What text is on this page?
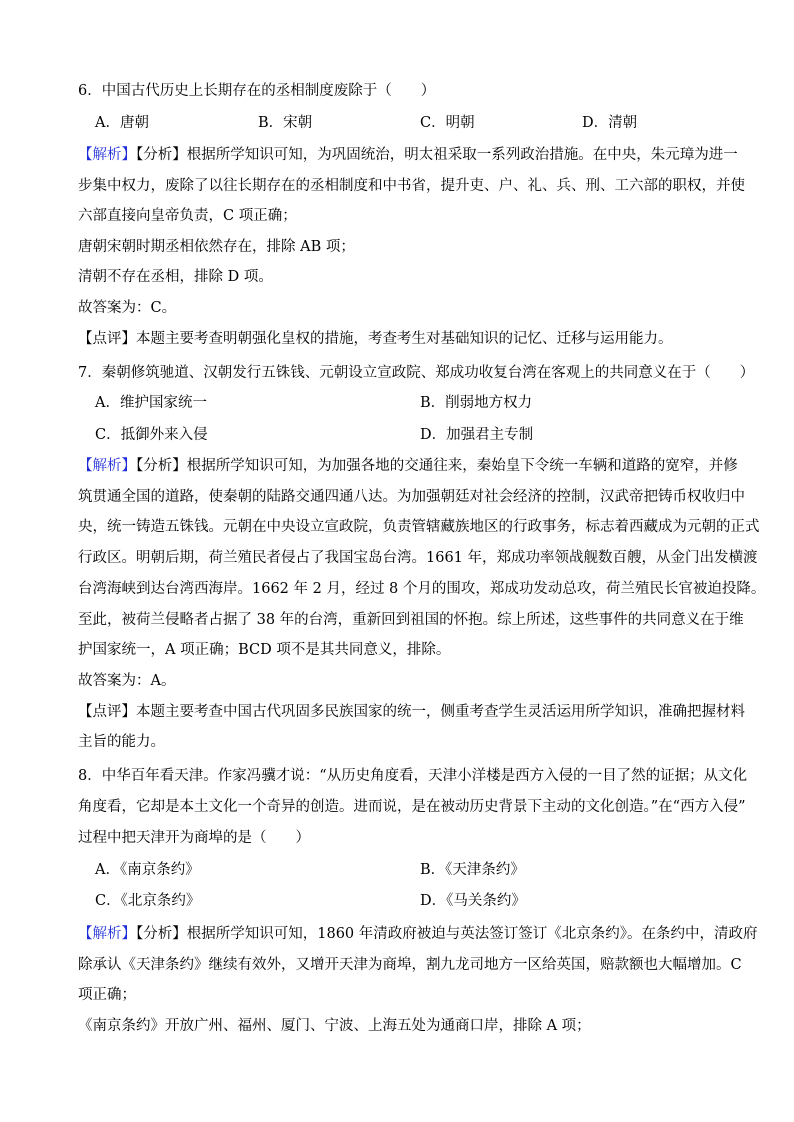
6．中国古代历史上长期存在的丞相制度废除于（　　）
A．唐朝	B．宋朝	C．明朝	D．清朝
【解析】【分析】根据所学知识可知，为巩固统治，明太祖采取一系列政治措施。在中央，朱元璋为进一
步集中权力，废除了以往长期存在的丞相制度和中书省，提升吏、户、礼、兵、刑、工六部的职权，并使
六部直接向皇帝负责，C 项正确；
唐朝宋朝时期丞相依然存在，排除 AB 项；
清朝不存在丞相，排除 D 项。
故答案为：C。
【点评】本题主要考查明朝强化皇权的措施，考查考生对基础知识的记忆、迁移与运用能力。
7．秦朝修筑驰道、汉朝发行五铢钱、元朝设立宣政院、郑成功收复台湾在客观上的共同意义在于（　　）
A．维护国家统一	B．削弱地方权力
C．抵御外来入侵	D．加强君主专制
【解析】【分析】根据所学知识可知，为加强各地的交通往来，秦始皇下令统一车辆和道路的宽窄，并修
筑贯通全国的道路，使秦朝的陆路交通四通八达。为加强朝廷对社会经济的控制，汉武帝把铸币权收归中
央，统一铸造五铢钱。元朝在中央设立宣政院，负责管辖藏族地区的行政事务，标志着西藏成为元朝的正式
行政区。明朝后期，荷兰殖民者侵占了我国宝岛台湾。1661 年，郑成功率领战舰数百艘，从金门出发横渡
台湾海峡到达台湾西海岸。1662 年 2 月，经过 8 个月的围攻，郑成功发动总攻，荷兰殖民长官被迫投降。
至此，被荷兰侵略者占据了 38 年的台湾，重新回到祖国的怀抱。综上所述，这些事件的共同意义在于维
护国家统一，A 项正确；BCD 项不是其共同意义，排除。
故答案为：A。
【点评】本题主要考查中国古代巩固多民族国家的统一，侧重考查学生灵活运用所学知识，准确把握材料
主旨的能力。
8．中华百年看天津。作家冯骥才说：“从历史角度看，天津小洋楼是西方入侵的一目了然的证据；从文化
角度看，它却是本土文化一个奇异的创造。进而说，是在被动历史背景下主动的文化创造。”在“西方入侵”
过程中把天津开为商埠的是（　　）
A．《南京条约》	B．《天津条约》
C．《北京条约》	D．《马关条约》
【解析】【分析】根据所学知识可知，1860 年清政府被迫与英法签订签订《北京条约》。在条约中，清政府
除承认《天津条约》继续有效外，又增开天津为商埠，割九龙司地方一区给英国，赔款额也大幅增加。C
项正确；
《南京条约》开放广州、福州、厦门、宁波、上海五处为通商口岸，排除 A 项；
